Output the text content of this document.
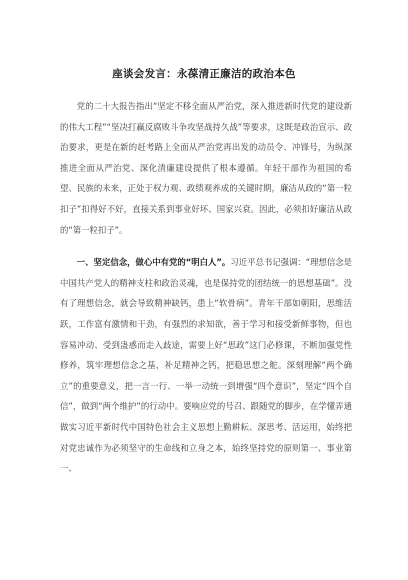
座谈会发言：永葆清正廉洁的政治本色

党的二十大报告指出“坚定不移全面从严治党，深入推进新时代党的建设新的伟大工程”“坚决打赢反腐败斗争攻坚战持久战”等要求，这既是政治宣示、政治要求，更是在新的赶考路上全面从严治党再出发的动员令、冲锋号，为纵深推进全面从严治党、深化清廉建设提供了根本遵循。年轻干部作为祖国的希望、民族的未来，正处于权力观、政绩观养成的关键时期，廉洁从政的“第一粒扣子”扣得好不好，直接关系到事业好坏、国家兴衰。因此，必须扣好廉洁从政的“第一粒扣子”。

一、坚定信念，做心中有党的“明白人”。习近平总书记强调：“理想信念是中国共产党人的精神支柱和政治灵魂，也是保持党的团结统一的思想基础”。没有了理想信念，就会导致精神缺钙，患上“软骨病”。青年干部如朝阳，思维活跃，工作富有激情和干劲，有强烈的求知欲，善于学习和接受新鲜事物，但也容易冲动、受到蛊惑而走入歧途，需要上好“思政”这门必修课，不断加强党性修养，筑牢理想信念之基，补足精神之钙，把稳思想之舵。深刻理解“两个确立”的重要意义，把一言一行、一举一动统一到增强“四个意识”，坚定“四个自信”，做到“两个维护”的行动中。要响应党的号召、跟随党的脚步，在学懂弄通做实习近平新时代中国特色社会主义思想上勤耕耘、深思考、活运用，始终把对党忠诚作为必须坚守的生命线和立身之本，始终坚持党的原则第一、事业第一、
